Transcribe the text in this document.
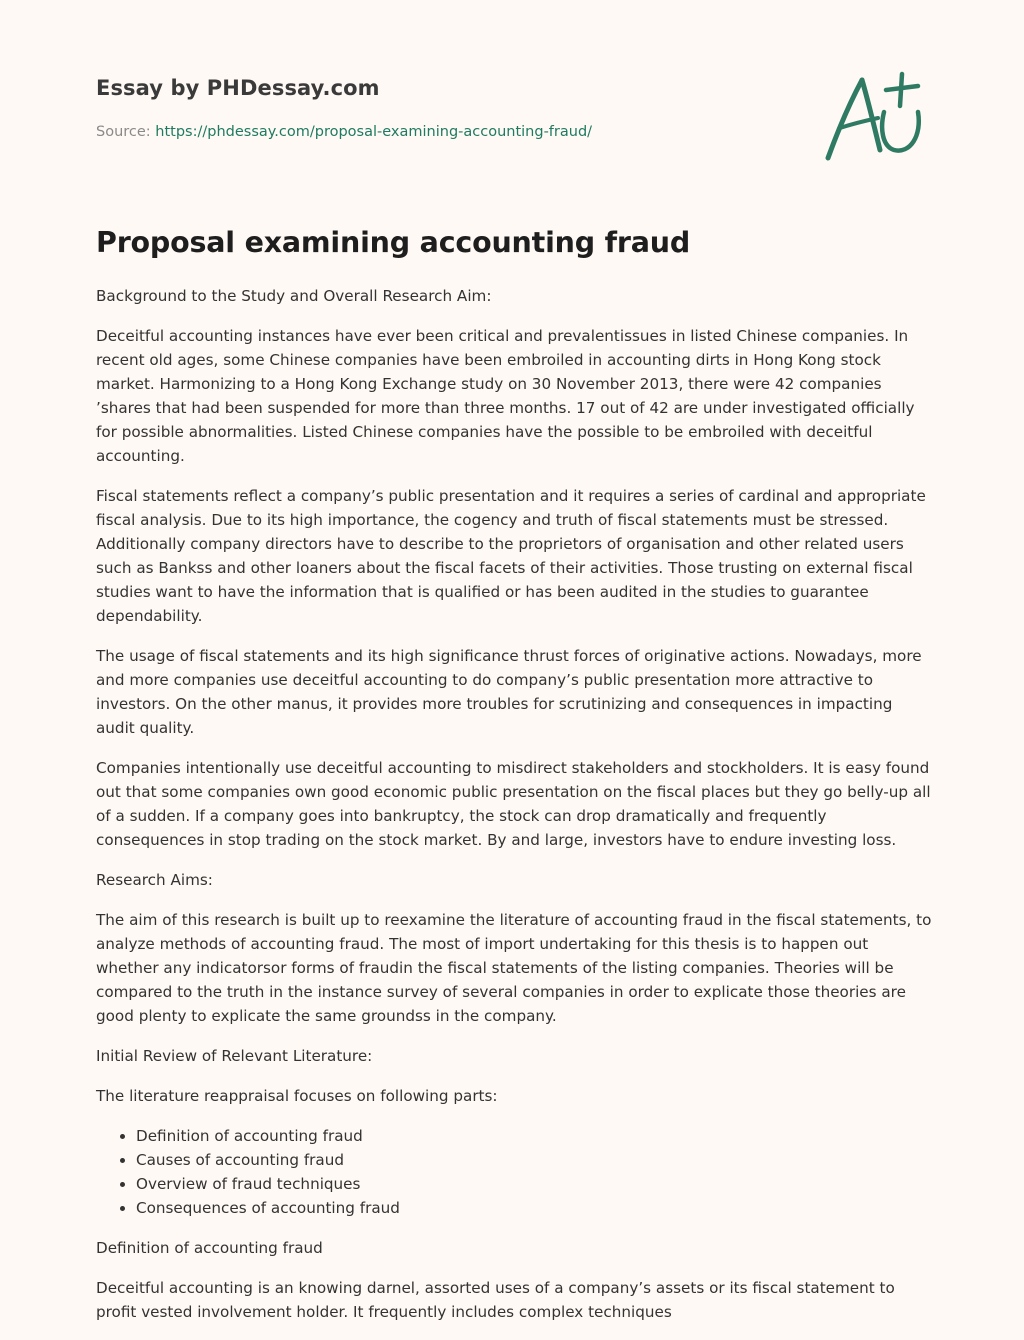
Essay by PHDessay.com

Source: https://phdessay.com/proposal-examining-accounting-fraud/

Proposal examining accounting fraud

Background to the Study and Overall Research Aim:

Deceitful accounting instances have ever been critical and prevalentissues in listed Chinese companies. In recent old ages, some Chinese companies have been embroiled in accounting dirts in Hong Kong stock market. Harmonizing to a Hong Kong Exchange study on 30 November 2013, there were 42 companies ’shares that had been suspended for more than three months. 17 out of 42 are under investigated officially for possible abnormalities. Listed Chinese companies have the possible to be embroiled with deceitful accounting.

Fiscal statements reflect a company’s public presentation and it requires a series of cardinal and appropriate fiscal analysis. Due to its high importance, the cogency and truth of fiscal statements must be stressed. Additionally company directors have to describe to the proprietors of organisation and other related users such as Bankss and other loaners about the fiscal facets of their activities. Those trusting on external fiscal studies want to have the information that is qualified or has been audited in the studies to guarantee dependability.

The usage of fiscal statements and its high significance thrust forces of originative actions. Nowadays, more and more companies use deceitful accounting to do company’s public presentation more attractive to investors. On the other manus, it provides more troubles for scrutinizing and consequences in impacting audit quality.

Companies intentionally use deceitful accounting to misdirect stakeholders and stockholders. It is easy found out that some companies own good economic public presentation on the fiscal places but they go belly-up all of a sudden. If a company goes into bankruptcy, the stock can drop dramatically and frequently consequences in stop trading on the stock market. By and large, investors have to endure investing loss.

Research Aims:

The aim of this research is built up to reexamine the literature of accounting fraud in the fiscal statements, to analyze methods of accounting fraud. The most of import undertaking for this thesis is to happen out whether any indicatorsor forms of fraudin the fiscal statements of the listing companies. Theories will be compared to the truth in the instance survey of several companies in order to explicate those theories are good plenty to explicate the same groundss in the company.

Initial Review of Relevant Literature:

The literature reappraisal focuses on following parts:

• Definition of accounting fraud
• Causes of accounting fraud
• Overview of fraud techniques
• Consequences of accounting fraud

Definition of accounting fraud

Deceitful accounting is an knowing darnel, assorted uses of a company’s assets or its fiscal statement to profit vested involvement holder. It frequently includes complex techniques
